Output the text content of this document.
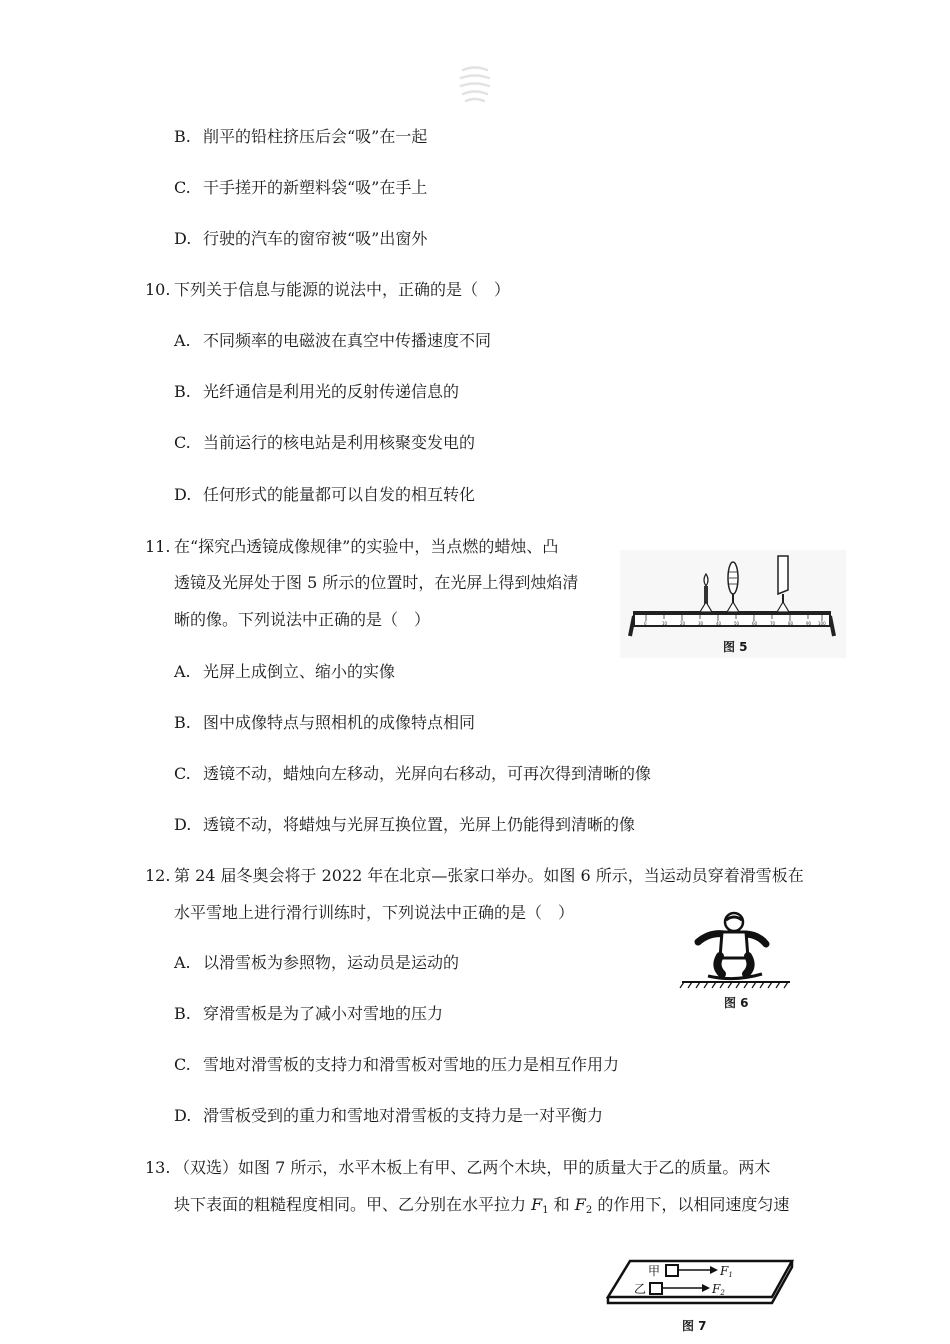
B. 削平的铅柱挤压后会“吸”在一起
C. 干手搓开的新塑料袋“吸”在手上
D. 行驶的汽车的窗帘被“吸”出窗外
10. 下列关于信息与能源的说法中，正确的是（　）
A. 不同频率的电磁波在真空中传播速度不同
B. 光纤通信是利用光的反射传递信息的
C. 当前运行的核电站是利用核聚变发电的
D. 任何形式的能量都可以自发的相互转化
11. 在“探究凸透镜成像规律”的实验中，当点燃的蜡烛、凸
透镜及光屏处于图 5 所示的位置时，在光屏上得到烛焰清
晰的像。下列说法中正确的是（　）	0	10	20	30	40	50	60	70	80	90 100
图 5
A. 光屏上成倒立、缩小的实像
B. 图中成像特点与照相机的成像特点相同
C. 透镜不动，蜡烛向左移动，光屏向右移动，可再次得到清晰的像
D. 透镜不动，将蜡烛与光屏互换位置，光屏上仍能得到清晰的像
12. 第 24 届冬奥会将于 2022 年在北京—张家口举办。如图 6 所示，当运动员穿着滑雪板在
水平雪地上进行滑行训练时，下列说法中正确的是（　）
图 6
A. 以滑雪板为参照物，运动员是运动的
B. 穿滑雪板是为了减小对雪地的压力
C. 雪地对滑雪板的支持力和滑雪板对雪地的压力是相互作用力
D. 滑雪板受到的重力和雪地对滑雪板的支持力是一对平衡力
13. （双选）如图 7 所示，水平木板上有甲、乙两个木块，甲的质量大于乙的质量。两木
块下表面的粗糙程度相同。甲、乙分别在水平拉力 $F_1$ 和 $F_2$ 的作用下，以相同速度匀速
甲
乙
F1
F2
图 7
